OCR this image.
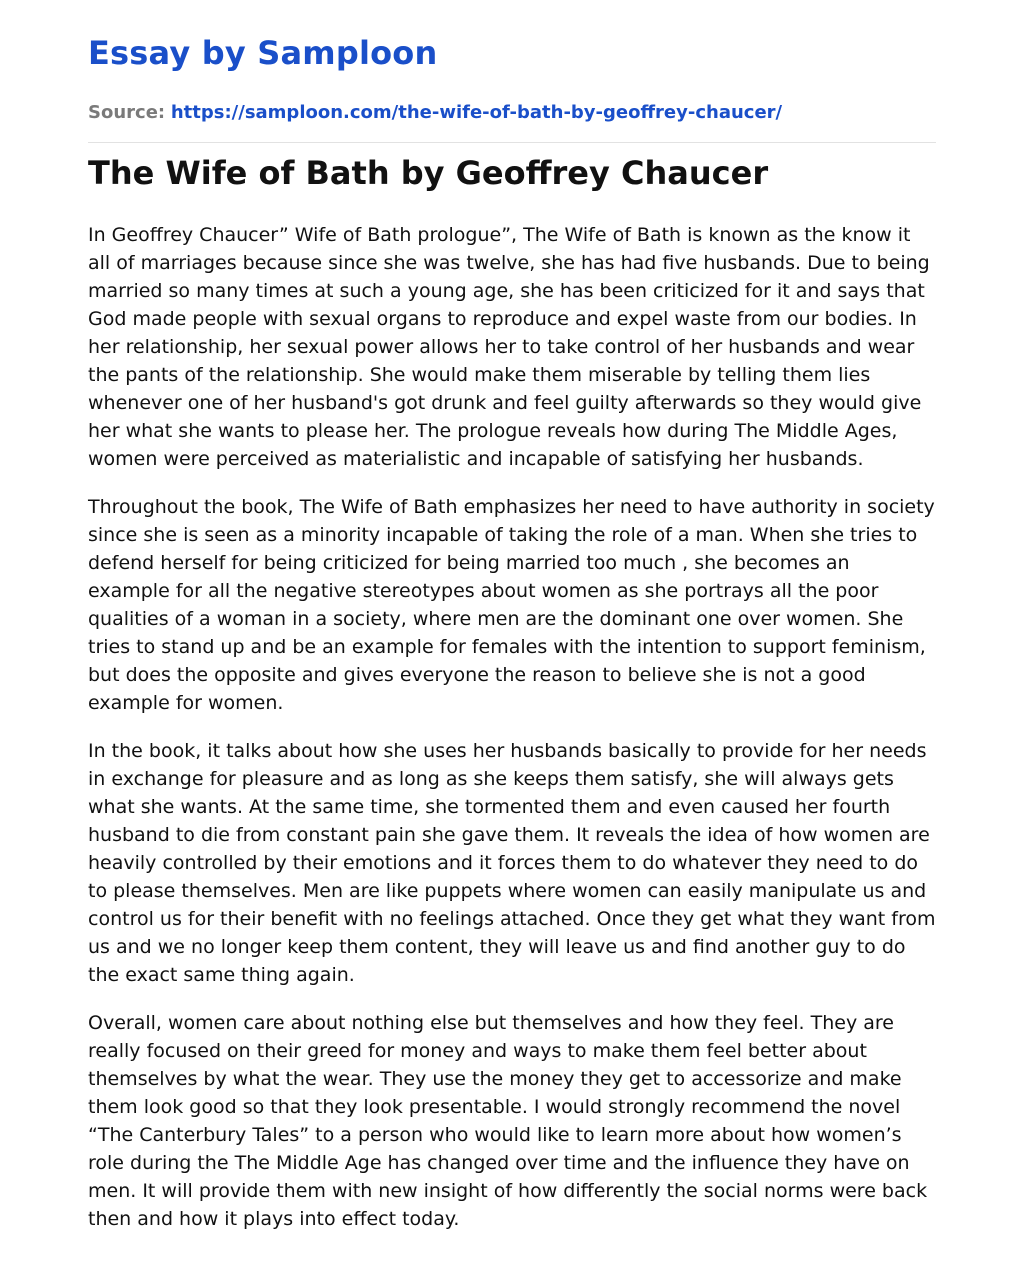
Essay by Samploon
Source: https://samploon.com/the-wife-of-bath-by-geoffrey-chaucer/
The Wife of Bath by Geoffrey Chaucer

In Geoffrey Chaucer” Wife of Bath prologue”, The Wife of Bath is known as the know it all of marriages because since she was twelve, she has had five husbands. Due to being married so many times at such a young age, she has been criticized for it and says that God made people with sexual organs to reproduce and expel waste from our bodies. In her relationship, her sexual power allows her to take control of her husbands and wear the pants of the relationship. She would make them miserable by telling them lies whenever one of her husband's got drunk and feel guilty afterwards so they would give her what she wants to please her. The prologue reveals how during The Middle Ages, women were perceived as materialistic and incapable of satisfying her husbands.

Throughout the book, The Wife of Bath emphasizes her need to have authority in society since she is seen as a minority incapable of taking the role of a man. When she tries to defend herself for being criticized for being married too much , she becomes an example for all the negative stereotypes about women as she portrays all the poor qualities of a woman in a society, where men are the dominant one over women. She tries to stand up and be an example for females with the intention to support feminism, but does the opposite and gives everyone the reason to believe she is not a good example for women.

In the book, it talks about how she uses her husbands basically to provide for her needs in exchange for pleasure and as long as she keeps them satisfy, she will always gets what she wants. At the same time, she tormented them and even caused her fourth husband to die from constant pain she gave them. It reveals the idea of how women are heavily controlled by their emotions and it forces them to do whatever they need to do to please themselves. Men are like puppets where women can easily manipulate us and control us for their benefit with no feelings attached. Once they get what they want from us and we no longer keep them content, they will leave us and find another guy to do the exact same thing again.

Overall, women care about nothing else but themselves and how they feel. They are really focused on their greed for money and ways to make them feel better about themselves by what the wear. They use the money they get to accessorize and make them look good so that they look presentable. I would strongly recommend the novel “The Canterbury Tales” to a person who would like to learn more about how women’s role during the The Middle Age has changed over time and the influence they have on men. It will provide them with new insight of how differently the social norms were back then and how it plays into effect today.
